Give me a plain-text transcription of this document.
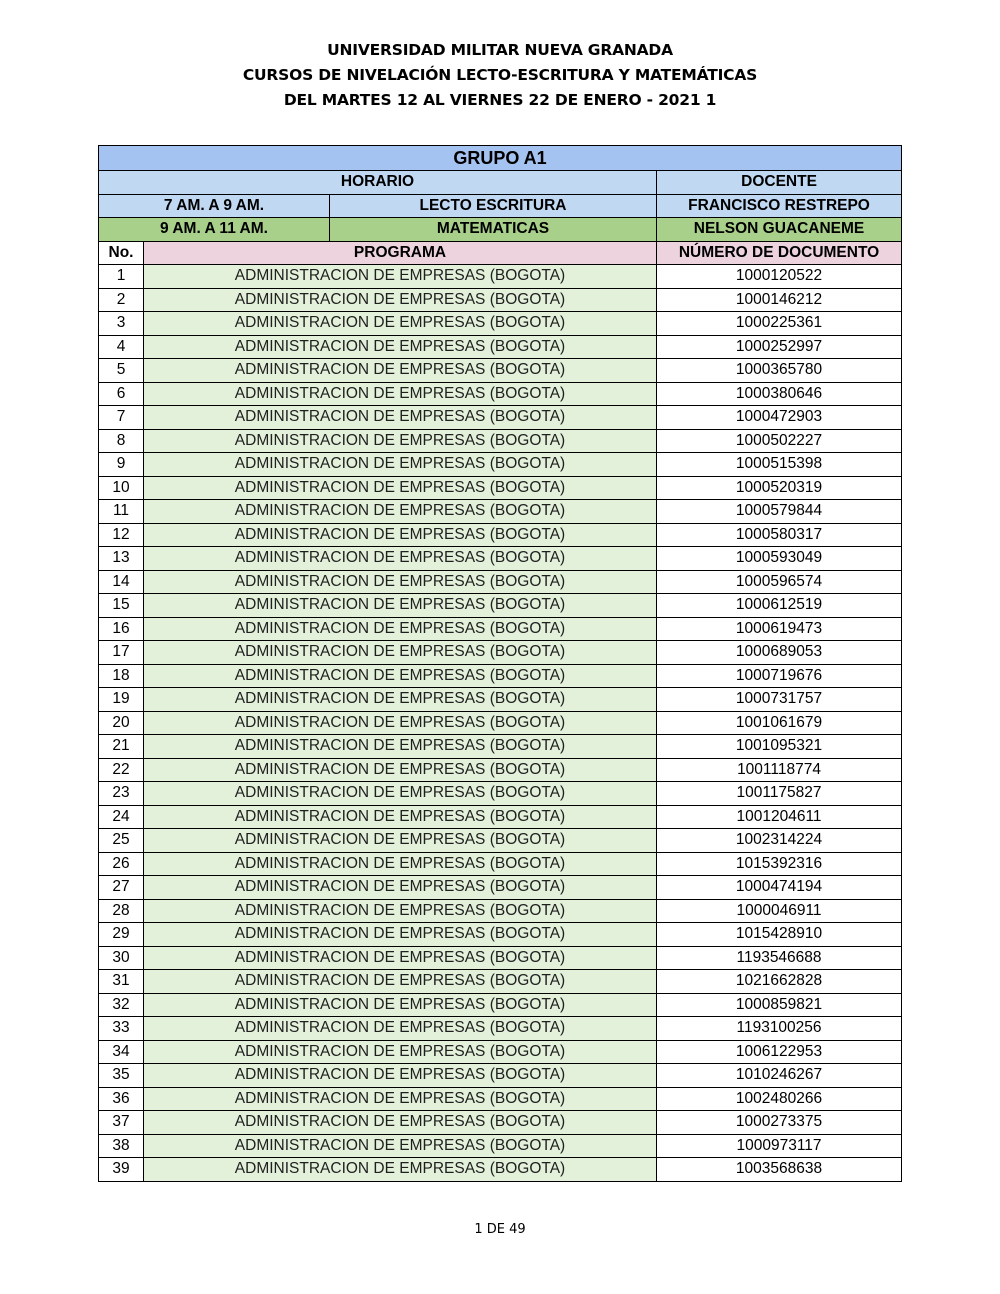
UNIVERSIDAD MILITAR NUEVA GRANADA
CURSOS DE NIVELACIÓN LECTO-ESCRITURA Y MATEMÁTICAS
DEL MARTES 12 AL VIERNES 22 DE ENERO - 2021 1
GRUPO A1			
HORARIO			DOCENTE
7 AM. A 9 AM.		LECTO ESCRITURA	FRANCISCO RESTREPO
9 AM. A 11 AM.		MATEMATICAS	NELSON GUACANEME
No.	PROGRAMA		NÚMERO DE DOCUMENTO
1	ADMINISTRACION DE EMPRESAS (BOGOTA)		1000120522
2	ADMINISTRACION DE EMPRESAS (BOGOTA)		1000146212
3	ADMINISTRACION DE EMPRESAS (BOGOTA)		1000225361
4	ADMINISTRACION DE EMPRESAS (BOGOTA)		1000252997
5	ADMINISTRACION DE EMPRESAS (BOGOTA)		1000365780
6	ADMINISTRACION DE EMPRESAS (BOGOTA)		1000380646
7	ADMINISTRACION DE EMPRESAS (BOGOTA)		1000472903
8	ADMINISTRACION DE EMPRESAS (BOGOTA)		1000502227
9	ADMINISTRACION DE EMPRESAS (BOGOTA)		1000515398
10	ADMINISTRACION DE EMPRESAS (BOGOTA)		1000520319
11	ADMINISTRACION DE EMPRESAS (BOGOTA)		1000579844
12	ADMINISTRACION DE EMPRESAS (BOGOTA)		1000580317
13	ADMINISTRACION DE EMPRESAS (BOGOTA)		1000593049
14	ADMINISTRACION DE EMPRESAS (BOGOTA)		1000596574
15	ADMINISTRACION DE EMPRESAS (BOGOTA)		1000612519
16	ADMINISTRACION DE EMPRESAS (BOGOTA)		1000619473
17	ADMINISTRACION DE EMPRESAS (BOGOTA)		1000689053
18	ADMINISTRACION DE EMPRESAS (BOGOTA)		1000719676
19	ADMINISTRACION DE EMPRESAS (BOGOTA)		1000731757
20	ADMINISTRACION DE EMPRESAS (BOGOTA)		1001061679
21	ADMINISTRACION DE EMPRESAS (BOGOTA)		1001095321
22	ADMINISTRACION DE EMPRESAS (BOGOTA)		1001118774
23	ADMINISTRACION DE EMPRESAS (BOGOTA)		1001175827
24	ADMINISTRACION DE EMPRESAS (BOGOTA)		1001204611
25	ADMINISTRACION DE EMPRESAS (BOGOTA)		1002314224
26	ADMINISTRACION DE EMPRESAS (BOGOTA)		1015392316
27	ADMINISTRACION DE EMPRESAS (BOGOTA)		1000474194
28	ADMINISTRACION DE EMPRESAS (BOGOTA)		1000046911
29	ADMINISTRACION DE EMPRESAS (BOGOTA)		1015428910
30	ADMINISTRACION DE EMPRESAS (BOGOTA)		1193546688
31	ADMINISTRACION DE EMPRESAS (BOGOTA)		1021662828
32	ADMINISTRACION DE EMPRESAS (BOGOTA)		1000859821
33	ADMINISTRACION DE EMPRESAS (BOGOTA)		1193100256
34	ADMINISTRACION DE EMPRESAS (BOGOTA)		1006122953
35	ADMINISTRACION DE EMPRESAS (BOGOTA)		1010246267
36	ADMINISTRACION DE EMPRESAS (BOGOTA)		1002480266
37	ADMINISTRACION DE EMPRESAS (BOGOTA)		1000273375
38	ADMINISTRACION DE EMPRESAS (BOGOTA)		1000973117
39	ADMINISTRACION DE EMPRESAS (BOGOTA)		1003568638
1 DE 49
